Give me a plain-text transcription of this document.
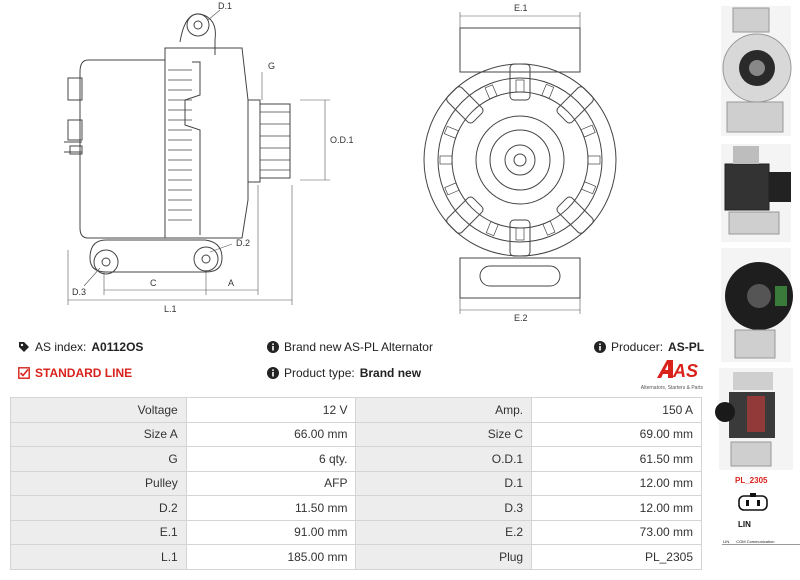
D.1
G
O.D.1
D.2
D.3
C	A
L.1
E.1
E.2
AS index: A0112OS	Brand new AS-PL Alternator	Producer: AS-PL
STANDARD LINE	Product type: Brand new	AS
Alternators, Starters & Parts
Voltage	12 V	Amp.	150 A
Size A	66.00 mm	Size C	69.00 mm
G	6 qty.	O.D.1	61.50 mm
Pulley	AFP	D.1	12.00 mm
D.2	11.50 mm	D.3	12.00 mm
E.1	91.00 mm	E.2	73.00 mm
L.1	185.00 mm	Plug	PL_2305
PL_2305
LIN
LIN	COM Communication
